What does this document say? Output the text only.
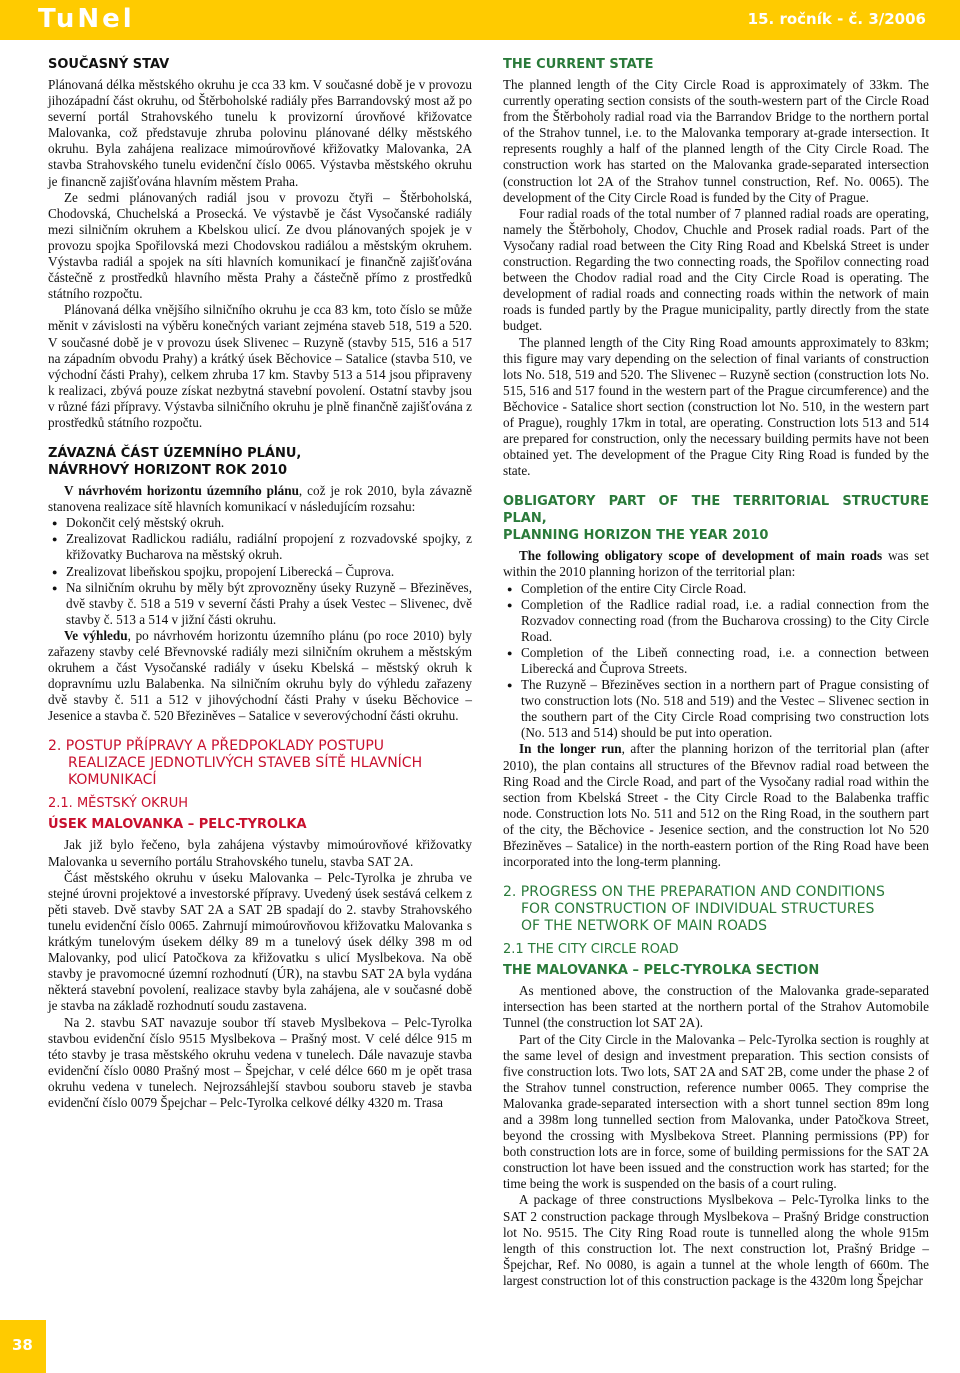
TuNel	15. ročník - č. 3/2006
SOUČASNÝ STAV

Plánovaná délka městského okruhu je cca 33 km. V současné době je v provozu jihozápadní část okruhu, od Štěrboholské radiály přes Barrandovský most až po severní portál Strahovského tunelu k provizorní úrovňové křižovatce Malovanka, což představuje zhruba polovinu plánované délky městského okruhu. Byla zahájena realizace mimoúrovňové křižovatky Malovanka, 2A stavba Strahovského tunelu evidenční číslo 0065. Výstavba městského okruhu je financně zajišťována hlavním městem Praha.

Ze sedmi plánovaných radiál jsou v provozu čtyři – Štěrboholská, Chodovská, Chuchelská a Prosecká. Ve výstavbě je část Vysočanské radiály mezi silničním okruhem a Kbelskou ulicí. Ze dvou plánovaných spojek je v provozu spojka Spořilovská mezi Chodovskou radiálou a městským okruhem. Výstavba radiál a spojek na síti hlavních komunikací je finančně zajišťována částečně z prostředků hlavního města Prahy a částečně přímo z prostředků státního rozpočtu.

Plánovaná délka vnějšího silničního okruhu je cca 83 km, toto číslo se může měnit v závislosti na výběru konečných variant zejména staveb 518, 519 a 520. V současné době je v provozu úsek Slivenec – Ruzyně (stavby 515, 516 a 517 na západním obvodu Prahy) a krátký úsek Běchovice – Satalice (stavba 510, ve východní části Prahy), celkem zhruba 17 km. Stavby 513 a 514 jsou připraveny k realizaci, zbývá pouze získat nezbytná stavební povolení. Ostatní stavby jsou v různé fázi přípravy. Výstavba silničního okruhu je plně finančně zajišťována z prostředků státního rozpočtu.

ZÁVAZNÁ ČÁST ÚZEMNÍHO PLÁNU,
NÁVRHOVÝ HORIZONT ROK 2010

V návrhovém horizontu územního plánu, což je rok 2010, byla závazně stanovena realizace sítě hlavních komunikací v následujícím rozsahu:

● Dokončit celý městský okruh.
● Zrealizovat Radlickou radiálu, radiální propojení z rozvadovské spojky, z křižovatky Bucharova na městský okruh.
● Zrealizovat libeňskou spojku, propojení Liberecká – Čuprova.
● Na silničním okruhu by měly být zprovozněny úseky Ruzyně – Březiněves, dvě stavby č. 518 a 519 v severní části Prahy a úsek Vestec – Slivenec, dvě stavby č. 513 a 514 v jižní části okruhu.

Ve výhledu, po návrhovém horizontu územního plánu (po roce 2010) byly zařazeny stavby celé Břevnovské radiály mezi silničním okruhem a městským okruhem a část Vysočanské radiály v úseku Kbelská – městský okruh k dopravnímu uzlu Balabenka. Na silničním okruhu byly do výhledu zařazeny dvě stavby č. 511 a 512 v jihovýchodní části Prahy v úseku Běchovice – Jesenice a stavba č. 520 Březiněves – Satalice v severovýchodní části okruhu.

2. POSTUP PŘÍPRAVY A PŘEDPOKLADY POSTUPU
REALIZACE JEDNOTLIVÝCH STAVEB SÍTĚ HLAVNÍCH
KOMUNIKACÍ
2.1. MĚSTSKÝ OKRUH
ÚSEK MALOVANKA – PELC-TYROLKA

Jak již bylo řečeno, byla zahájena výstavby mimoúrovňové křižovatky Malovanka u severního portálu Strahovského tunelu, stavba SAT 2A.

Část městského okruhu v úseku Malovanka – Pelc-Tyrolka je zhruba ve stejné úrovni projektové a investorské přípravy. Uvedený úsek sestává celkem z pěti staveb. Dvě stavby SAT 2A a SAT 2B spadají do 2. stavby Strahovského tunelu evidenční číslo 0065. Zahrnují mimoúrovňovou křižovatku Malovanka s krátkým tunelovým úsekem délky 89 m a tunelový úsek délky 398 m od Malovanky, pod ulicí Patočkova za křižovatku s ulicí Myslbekova. Na obě stavby je pravomocné územní rozhodnutí (ÚR), na stavbu SAT 2A byla vydána některá stavební povolení, realizace stavby byla zahájena, ale v současné době je stavba na základě rozhodnutí soudu zastavena.

Na 2. stavbu SAT navazuje soubor tří staveb Myslbekova – Pelc-Tyrolka stavbou evidenční číslo 9515 Myslbekova – Prašný most. V celé délce 915 m této stavby je trasa městského okruhu vedena v tunelech. Dále navazuje stavba evidenční číslo 0080 Prašný most – Špejchar, v celé délce 660 m je opět trasa okruhu vedena v tunelech. Nejrozsáhlejší stavbou souboru staveb je stavba evidenční číslo 0079 Špejchar – Pelc-Tyrolka celkové délky 4320 m. Trasa

THE CURRENT STATE

The planned length of the City Circle Road is approximately of 33km. The currently operating section consists of the south-western part of the Circle Road from the Štěrboholy radial road via the Barrandov Bridge to the northern portal of the Strahov tunnel, i.e. to the Malovanka temporary at-grade intersection. It represents roughly a half of the planned length of the City Circle Road. The construction work has started on the Malovanka grade-separated intersection (construction lot 2A of the Strahov tunnel construction, Ref. No. 0065). The development of the City Circle Road is funded by the City of Prague.

Four radial roads of the total number of 7 planned radial roads are operating, namely the Štěrboholy, Chodov, Chuchle and Prosek radial roads. Part of the Vysočany radial road between the City Ring Road and Kbelská Street is under construction. Regarding the two connecting roads, the Spořilov connecting road between the Chodov radial road and the City Circle Road is operating. The development of radial roads and connecting roads within the network of main roads is funded partly by the Prague municipality, partly directly from the state budget.

The planned length of the City Ring Road amounts approximately to 83km; this figure may vary depending on the selection of final variants of construction lots No. 518, 519 and 520. The Slivenec – Ruzyně section (construction lots No. 515, 516 and 517 found in the western part of the Prague circumference) and the Běchovice - Satalice short section (construction lot No. 510, in the western part of Prague), roughly 17km in total, are operating. Construction lots 513 and 514 are prepared for construction, only the necessary building permits have not been obtained yet. The development of the Prague City Ring Road is funded by the state.

OBLIGATORY PART OF THE TERRITORIAL STRUCTURE PLAN,
PLANNING HORIZON THE YEAR 2010

The following obligatory scope of development of main roads was set within the 2010 planning horizon of the territorial plan:

● Completion of the entire City Circle Road.
● Completion of the Radlice radial road, i.e. a radial connection from the Rozvadov connecting road (from the Bucharova crossing) to the City Circle Road.
● Completion of the Libeň connecting road, i.e. a connection between Liberecká and Čuprova Streets.
● The Ruzyně – Březiněves section in a northern part of Prague consisting of two construction lots (No. 518 and 519) and the Vestec – Slivenec section in the southern part of the City Circle Road comprising two construction lots (No. 513 and 514) should be put into operation.

In the longer run, after the planning horizon of the territorial plan (after 2010), the plan contains all structures of the Břevnov radial road between the Ring Road and the Circle Road, and part of the Vysočany radial road within the section from Kbelská Street - the City Circle Road to the Balabenka traffic node. Construction lots No. 511 and 512 on the Ring Road, in the southern part of the city, the Běchovice - Jesenice section, and the construction lot No 520 Březiněves – Satalice) in the north-eastern portion of the Ring Road have been incorporated into the long-term planning.

2. PROGRESS ON THE PREPARATION AND CONDITIONS
FOR CONSTRUCTION OF INDIVIDUAL STRUCTURES
OF THE NETWORK OF MAIN ROADS
2.1 THE CITY CIRCLE ROAD
THE MALOVANKA – PELC-TYROLKA SECTION

As mentioned above, the construction of the Malovanka grade-separated intersection has been started at the northern portal of the Strahov Automobile Tunnel (the construction lot SAT 2A).

Part of the City Circle in the Malovanka – Pelc-Tyrolka section is roughly at the same level of design and investment preparation. This section consists of five construction lots. Two lots, SAT 2A and SAT 2B, come under the phase 2 of the Strahov tunnel construction, reference number 0065. They comprise the Malovanka grade-separated intersection with a short tunnel section 89m long and a 398m long tunnelled section from Malovanka, under Patočkova Street, beyond the crossing with Myslbekova Street. Planning permissions (PP) for both construction lots are in force, some of building permissions for the SAT 2A construction lot have been issued and the construction work has started; for the time being the work is suspended on the basis of a court ruling.

A package of three constructions Myslbekova – Pelc-Tyrolka links to the SAT 2 construction package through Myslbekova – Prašný Bridge construction lot No. 9515. The City Ring Road route is tunnelled along the whole 915m length of this construction lot. The next construction lot, Prašný Bridge – Špejchar, Ref. No 0080, is again a tunnel at the whole length of 660m. The largest construction lot of this construction package is the 4320m long Špejchar

38
